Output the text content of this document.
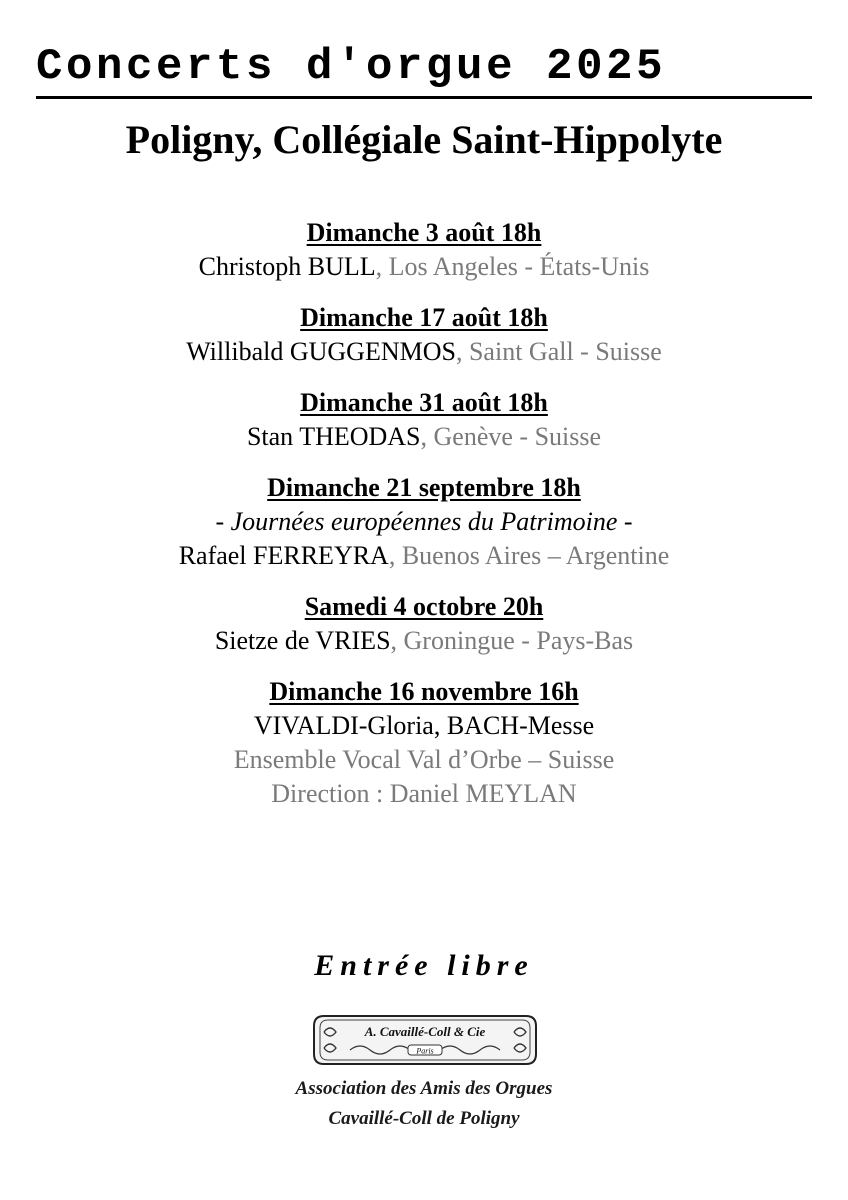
Concerts d'orgue 2025
Poligny, Collégiale Saint-Hippolyte
Dimanche 3 août 18h
Christoph BULL, Los Angeles - États-Unis
Dimanche 17 août 18h
Willibald GUGGENMOS, Saint Gall - Suisse
Dimanche 31 août 18h
Stan THEODAS, Genève - Suisse
Dimanche 21 septembre 18h
- Journées européennes du Patrimoine -
Rafael FERREYRA, Buenos Aires – Argentine
Samedi 4 octobre 20h
Sietze de VRIES, Groningue - Pays-Bas
Dimanche 16 novembre 16h
VIVALDI-Gloria, BACH-Messe
Ensemble Vocal Val d’Orbe – Suisse
Direction : Daniel MEYLAN
Entrée libre
A. Cavaillé-Coll & Cie
Paris
Association des Amis des Orgues
Cavaillé-Coll de Poligny
